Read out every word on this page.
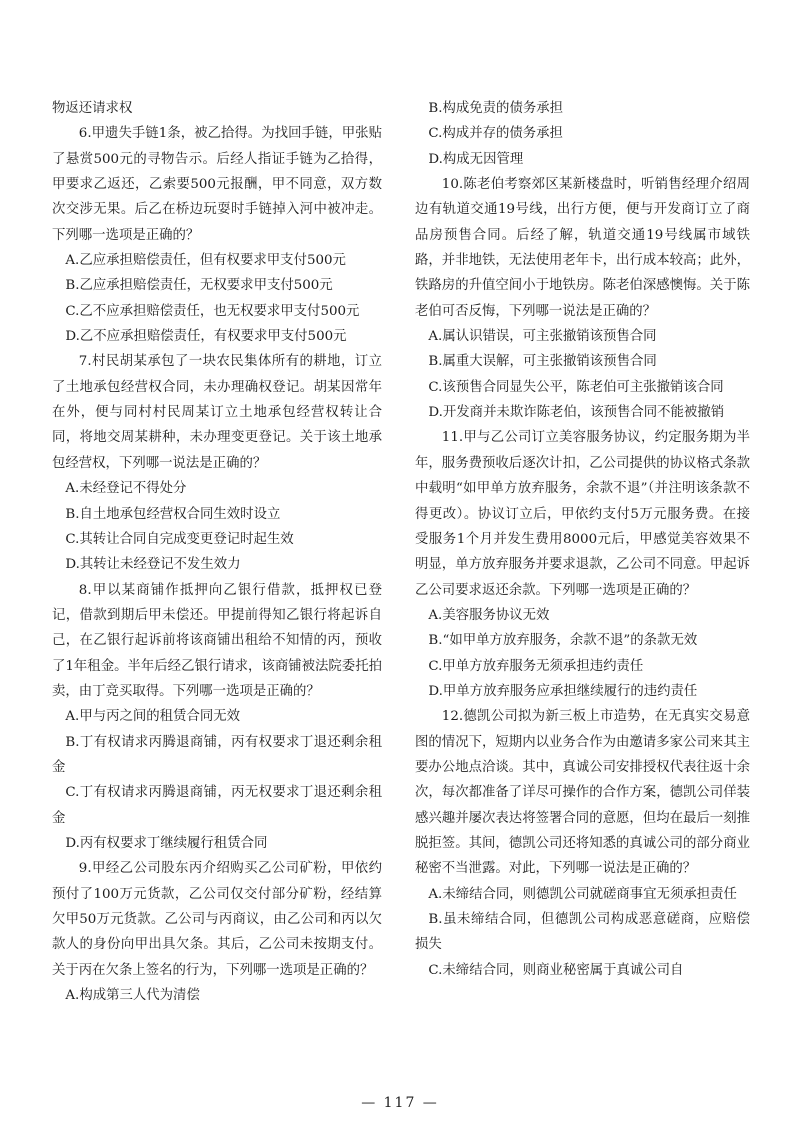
物返还请求权

6.甲遗失手链1条，被乙拾得。为找回手链，甲张贴了悬赏500元的寻物告示。后经人指证手链为乙拾得，甲要求乙返还，乙索要500元报酬，甲不同意，双方数次交涉无果。后乙在桥边玩耍时手链掉入河中被冲走。下列哪一选项是正确的？

A.乙应承担赔偿责任，但有权要求甲支付500元

B.乙应承担赔偿责任，无权要求甲支付500元

C.乙不应承担赔偿责任，也无权要求甲支付500元

D.乙不应承担赔偿责任，有权要求甲支付500元

7.村民胡某承包了一块农民集体所有的耕地，订立了土地承包经营权合同，未办理确权登记。胡某因常年在外，便与同村村民周某订立土地承包经营权转让合同，将地交周某耕种，未办理变更登记。关于该土地承包经营权，下列哪一说法是正确的？

A.未经登记不得处分

B.自土地承包经营权合同生效时设立

C.其转让合同自完成变更登记时起生效

D.其转让未经登记不发生效力

8.甲以某商铺作抵押向乙银行借款，抵押权已登记，借款到期后甲未偿还。甲提前得知乙银行将起诉自己，在乙银行起诉前将该商铺出租给不知情的丙，预收了1年租金。半年后经乙银行请求，该商铺被法院委托拍卖，由丁竞买取得。下列哪一选项是正确的？

A.甲与丙之间的租赁合同无效

B.丁有权请求丙腾退商铺，丙有权要求丁退还剩余租金

C.丁有权请求丙腾退商铺，丙无权要求丁退还剩余租金

D.丙有权要求丁继续履行租赁合同

9.甲经乙公司股东丙介绍购买乙公司矿粉，甲依约预付了100万元货款，乙公司仅交付部分矿粉，经结算欠甲50万元货款。乙公司与丙商议，由乙公司和丙以欠款人的身份向甲出具欠条。其后，乙公司未按期支付。关于丙在欠条上签名的行为，下列哪一选项是正确的？

A.构成第三人代为清偿

B.构成免责的债务承担

C.构成并存的债务承担

D.构成无因管理

10.陈老伯考察郊区某新楼盘时，听销售经理介绍周边有轨道交通19号线，出行方便，便与开发商订立了商品房预售合同。后经了解，轨道交通19号线属市域铁路，并非地铁，无法使用老年卡，出行成本较高；此外，铁路房的升值空间小于地铁房。陈老伯深感懊悔。关于陈老伯可否反悔，下列哪一说法是正确的？

A.属认识错误，可主张撤销该预售合同

B.属重大误解，可主张撤销该预售合同

C.该预售合同显失公平，陈老伯可主张撤销该合同

D.开发商并未欺诈陈老伯，该预售合同不能被撤销

11.甲与乙公司订立美容服务协议，约定服务期为半年，服务费预收后逐次计扣，乙公司提供的协议格式条款中载明“如甲单方放弃服务，余款不退”（并注明该条款不得更改）。协议订立后，甲依约支付5万元服务费。在接受服务1个月并发生费用8000元后，甲感觉美容效果不明显，单方放弃服务并要求退款，乙公司不同意。甲起诉乙公司要求返还余款。下列哪一选项是正确的？

A.美容服务协议无效

B.“如甲单方放弃服务，余款不退”的条款无效

C.甲单方放弃服务无须承担违约责任

D.甲单方放弃服务应承担继续履行的违约责任

12.德凯公司拟为新三板上市造势，在无真实交易意图的情况下，短期内以业务合作为由邀请多家公司来其主要办公地点洽谈。其中，真诚公司安排授权代表往返十余次，每次都准备了详尽可操作的合作方案，德凯公司佯装感兴趣并屡次表达将签署合同的意愿，但均在最后一刻推脱拒签。其间，德凯公司还将知悉的真诚公司的部分商业秘密不当泄露。对此，下列哪一说法是正确的？

A.未缔结合同，则德凯公司就磋商事宜无须承担责任

B.虽未缔结合同，但德凯公司构成恶意磋商，应赔偿损失

C.未缔结合同，则商业秘密属于真诚公司自

— 117 —
